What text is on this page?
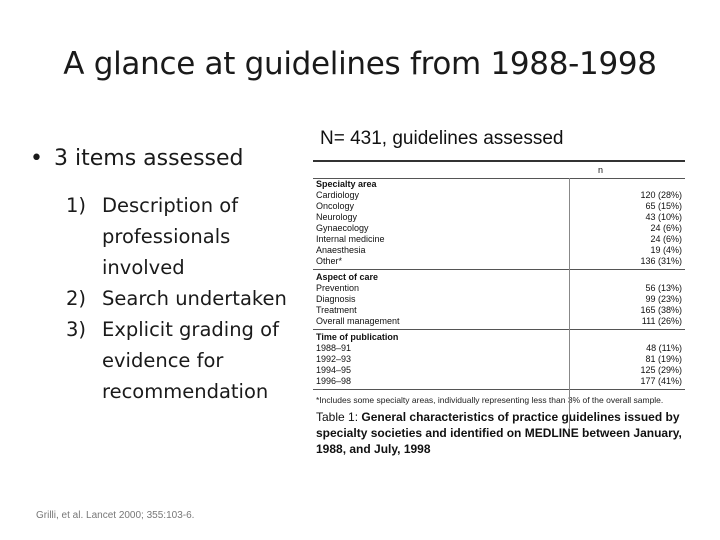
A glance at guidelines from 1988-1998
• 3 items assessed
1) Description of professionals involved
2) Search undertaken
3) Explicit grading of evidence for recommendation
Grilli, et al. Lancet 2000; 355:103-6.
N= 431, guidelines assessed
n
Specialty area
Cardiology	120 (28%)
Oncology	65 (15%)
Neurology	43 (10%)
Gynaecology	24 (6%)
Internal medicine	24 (6%)
Anaesthesia	19 (4%)
Other*	136 (31%)
Aspect of care
Prevention	56 (13%)
Diagnosis	99 (23%)
Treatment	165 (38%)
Overall management	111 (26%)
Time of publication
1988–91	48 (11%)
1992–93	81 (19%)
1994–95	125 (29%)
1996–98	177 (41%)
*Includes some specialty areas, individually representing less than 3% of the overall sample.
Table 1: General characteristics of practice guidelines issued by specialty societies and identified on MEDLINE between January, 1988, and July, 1998
